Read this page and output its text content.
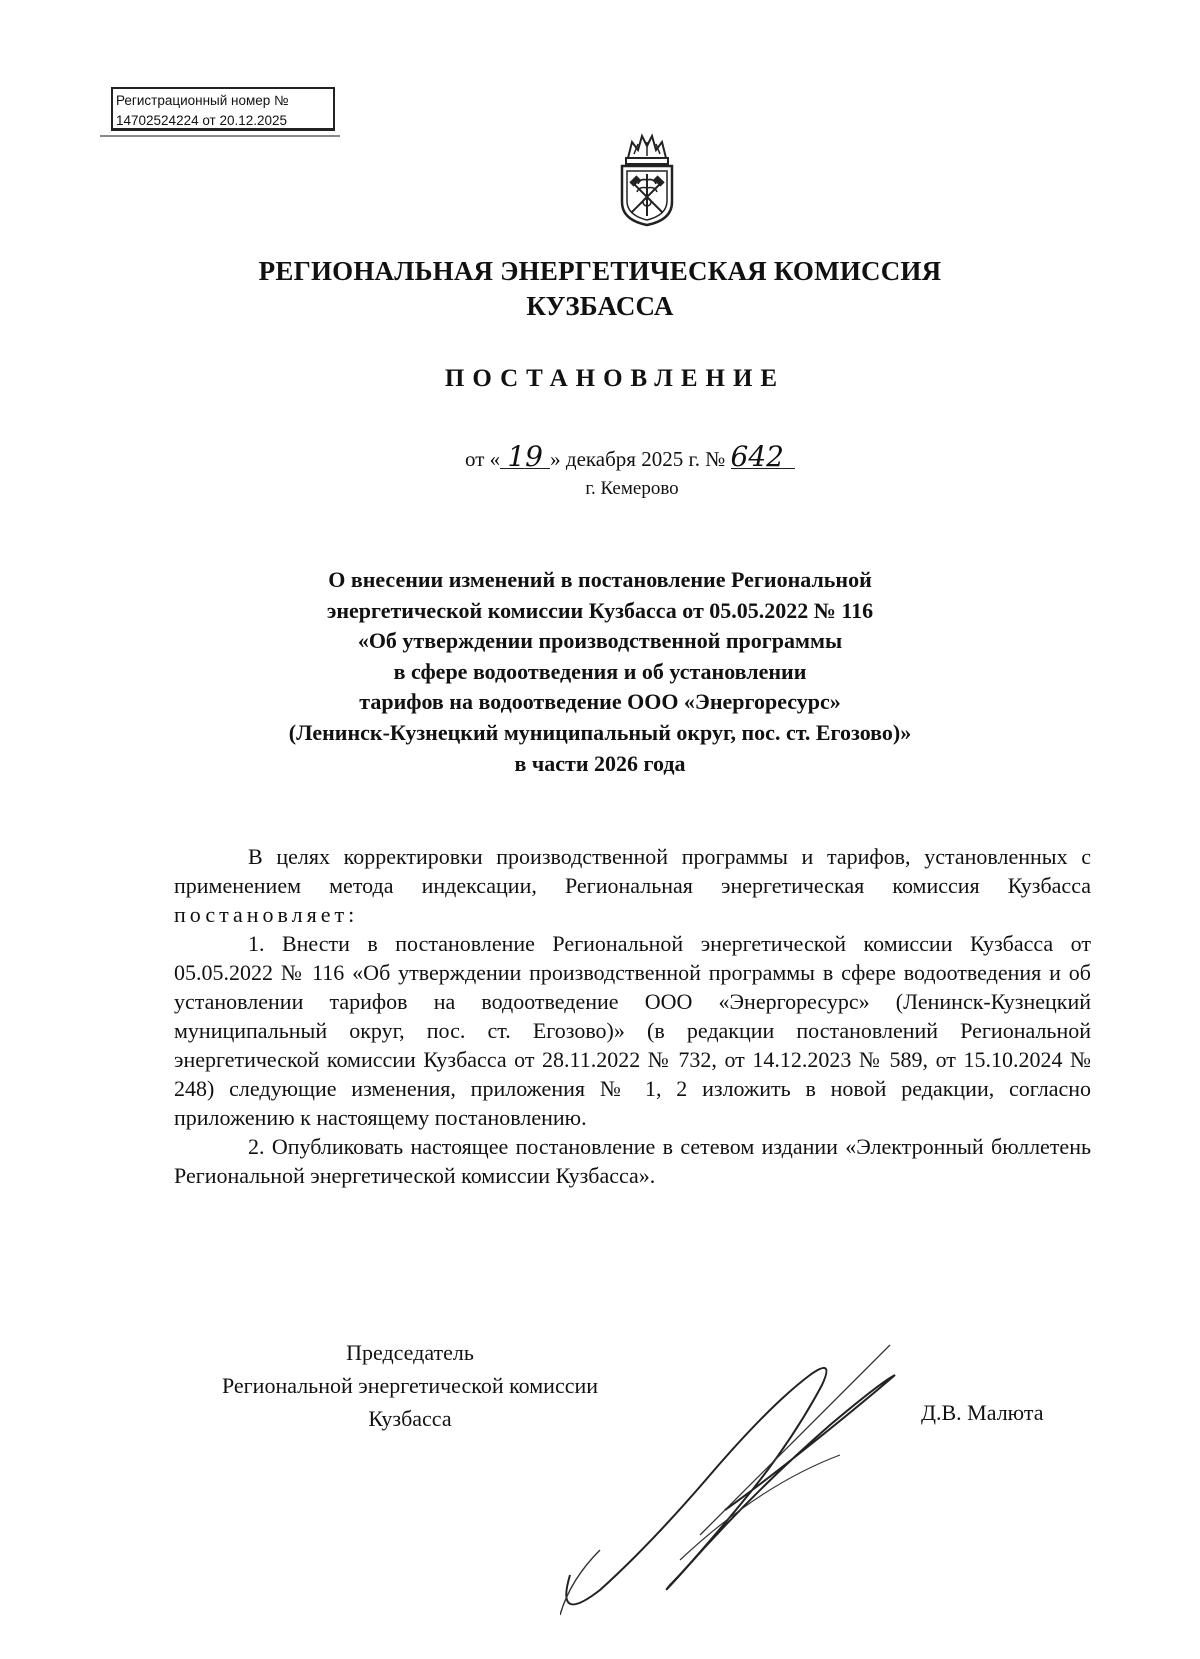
Регистрационный номер №
14702524224 от 20.12.2025
РЕГИОНАЛЬНАЯ ЭНЕРГЕТИЧЕСКАЯ КОМИССИЯ
КУЗБАССА
ПОСТАНОВЛЕНИЕ
от « 19 » декабря 2025 г. № 642
г. Кемерово
О внесении изменений в постановление Региональной
энергетической комиссии Кузбасса от 05.05.2022 № 116
«Об утверждении производственной программы
в сфере водоотведения и об установлении
тарифов на водоотведение ООО «Энергоресурс»
(Ленинск-Кузнецкий муниципальный округ, пос. ст. Егозово)»
в части 2026 года

В целях корректировки производственной программы и тарифов, установленных с применением метода индексации, Региональная энергетическая комиссия Кузбасса постановляет:

1. Внести в постановление Региональной энергетической комиссии Кузбасса от 05.05.2022 № 116 «Об утверждении производственной программы в сфере водоотведения и об установлении тарифов на водоотведение ООО «Энергоресурс» (Ленинск-Кузнецкий муниципальный округ, пос. ст. Егозово)» (в редакции постановлений Региональной энергетической комиссии Кузбасса от 28.11.2022 № 732, от 14.12.2023 № 589, от 15.10.2024 № 248) следующие изменения, приложения № 1, 2 изложить в новой редакции, согласно приложению к настоящему постановлению.

2. Опубликовать настоящее постановление в сетевом издании «Электронный бюллетень Региональной энергетической комиссии Кузбасса».

Председатель
Региональной энергетической комиссии
Кузбасса	Д.В. Малюта
